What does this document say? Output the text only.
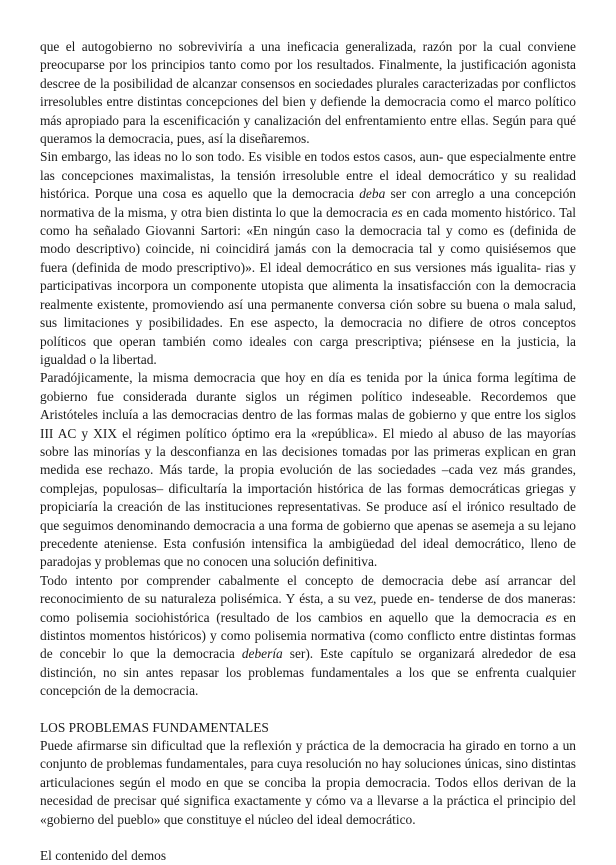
que el autogobierno no sobreviviría a una ineficacia generalizada, razón por la cual conviene preocuparse por los principios tanto como por los resultados. Finalmente, la justificación agonista descree de la posibilidad de alcanzar consensos en sociedades plurales caracterizadas por conflictos irresolubles entre distintas concepciones del bien y defiende la democracia como el marco político más apropiado para la escenificación y canalización del enfrentamiento entre ellas. Según para qué queramos la democracia, pues, así la diseñaremos.

Sin embargo, las ideas no lo son todo. Es visible en todos estos casos, aun- que especialmente entre las concepciones maximalistas, la tensión irresoluble entre el ideal democrático y su realidad histórica. Porque una cosa es aquello que la democracia deba ser con arreglo a una concepción normativa de la misma, y otra bien distinta lo que la democracia es en cada momento histórico. Tal como ha señalado Giovanni Sartori: «En ningún caso la democracia tal y como es (definida de modo descriptivo) coincide, ni coincidirá jamás con la democracia tal y como quisiésemos que fuera (definida de modo prescriptivo)». El ideal democrático en sus versiones más igualita- rias y participativas incorpora un componente utopista que alimenta la insatisfacción con la democracia realmente existente, promoviendo así una permanente conversa ción sobre su buena o mala salud, sus limitaciones y posibilidades. En ese aspecto, la democracia no difiere de otros conceptos políticos que operan también como ideales con carga prescriptiva; piénsese en la justicia, la igualdad o la libertad.

Paradójicamente, la misma democracia que hoy en día es tenida por la única forma legítima de gobierno fue considerada durante siglos un régimen político indeseable. Recordemos que Aristóteles incluía a las democracias dentro de las formas malas de gobierno y que entre los siglos III AC y XIX el régimen político óptimo era la «república». El miedo al abuso de las mayorías sobre las minorías y la desconfianza en las decisiones tomadas por las primeras explican en gran medida ese rechazo. Más tarde, la propia evolución de las sociedades –cada vez más grandes, complejas, populosas– dificultaría la importación histórica de las formas democráticas griegas y propiciaría la creación de las instituciones representativas. Se produce así el irónico resultado de que seguimos denominando democracia a una forma de gobierno que apenas se asemeja a su lejano precedente ateniense. Esta confusión intensifica la ambigüedad del ideal democrático, lleno de paradojas y problemas que no conocen una solución definitiva.

Todo intento por comprender cabalmente el concepto de democracia debe así arrancar del reconocimiento de su naturaleza polisémica. Y ésta, a su vez, puede en- tenderse de dos maneras: como polisemia sociohistórica (resultado de los cambios en aquello que la democracia es en distintos momentos históricos) y como polisemia normativa (como conflicto entre distintas formas de concebir lo que la democracia debería ser). Este capítulo se organizará alrededor de esa distinción, no sin antes repasar los problemas fundamentales a los que se enfrenta cualquier concepción de la democracia.

LOS PROBLEMAS FUNDAMENTALES

Puede afirmarse sin dificultad que la reflexión y práctica de la democracia ha girado en torno a un conjunto de problemas fundamentales, para cuya resolución no hay soluciones únicas, sino distintas articulaciones según el modo en que se conciba la propia democracia. Todos ellos derivan de la necesidad de precisar qué significa exactamente y cómo va a llevarse a la práctica el principio del «gobierno del pueblo» que constituye el núcleo del ideal democrático.

El contenido del demos
